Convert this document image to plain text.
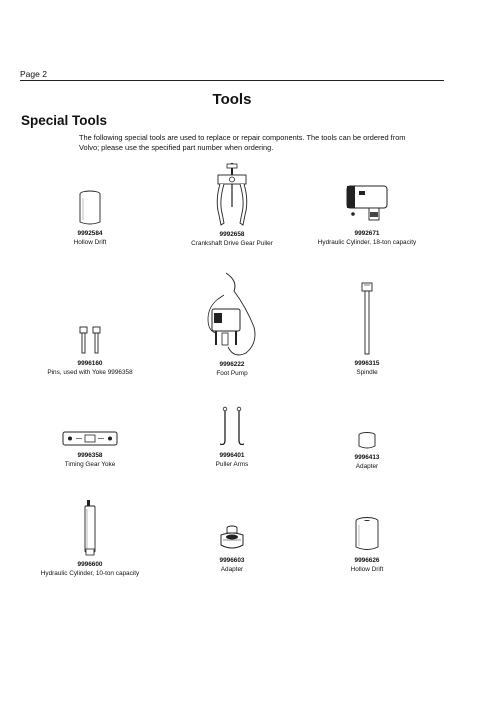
Page 2
Tools
Special Tools
The following special tools are used to replace or repair components. The tools can be ordered from Volvo; please use the specified part number when ordering.
9992584
Hollow Drift
9992658
Crankshaft Drive Gear Puller
9992671
Hydraulic Cylinder, 18-ton capacity
9996160
Pins, used with Yoke 9996358
9996222
Foot Pump
9996315
Spindle
9996358
Timing Gear Yoke
9996401
Puller Arms
9996413
Adapter
9996600
Hydraulic Cylinder, 10-ton capacity
9996603
Adapter
9996626
Hollow Drift
